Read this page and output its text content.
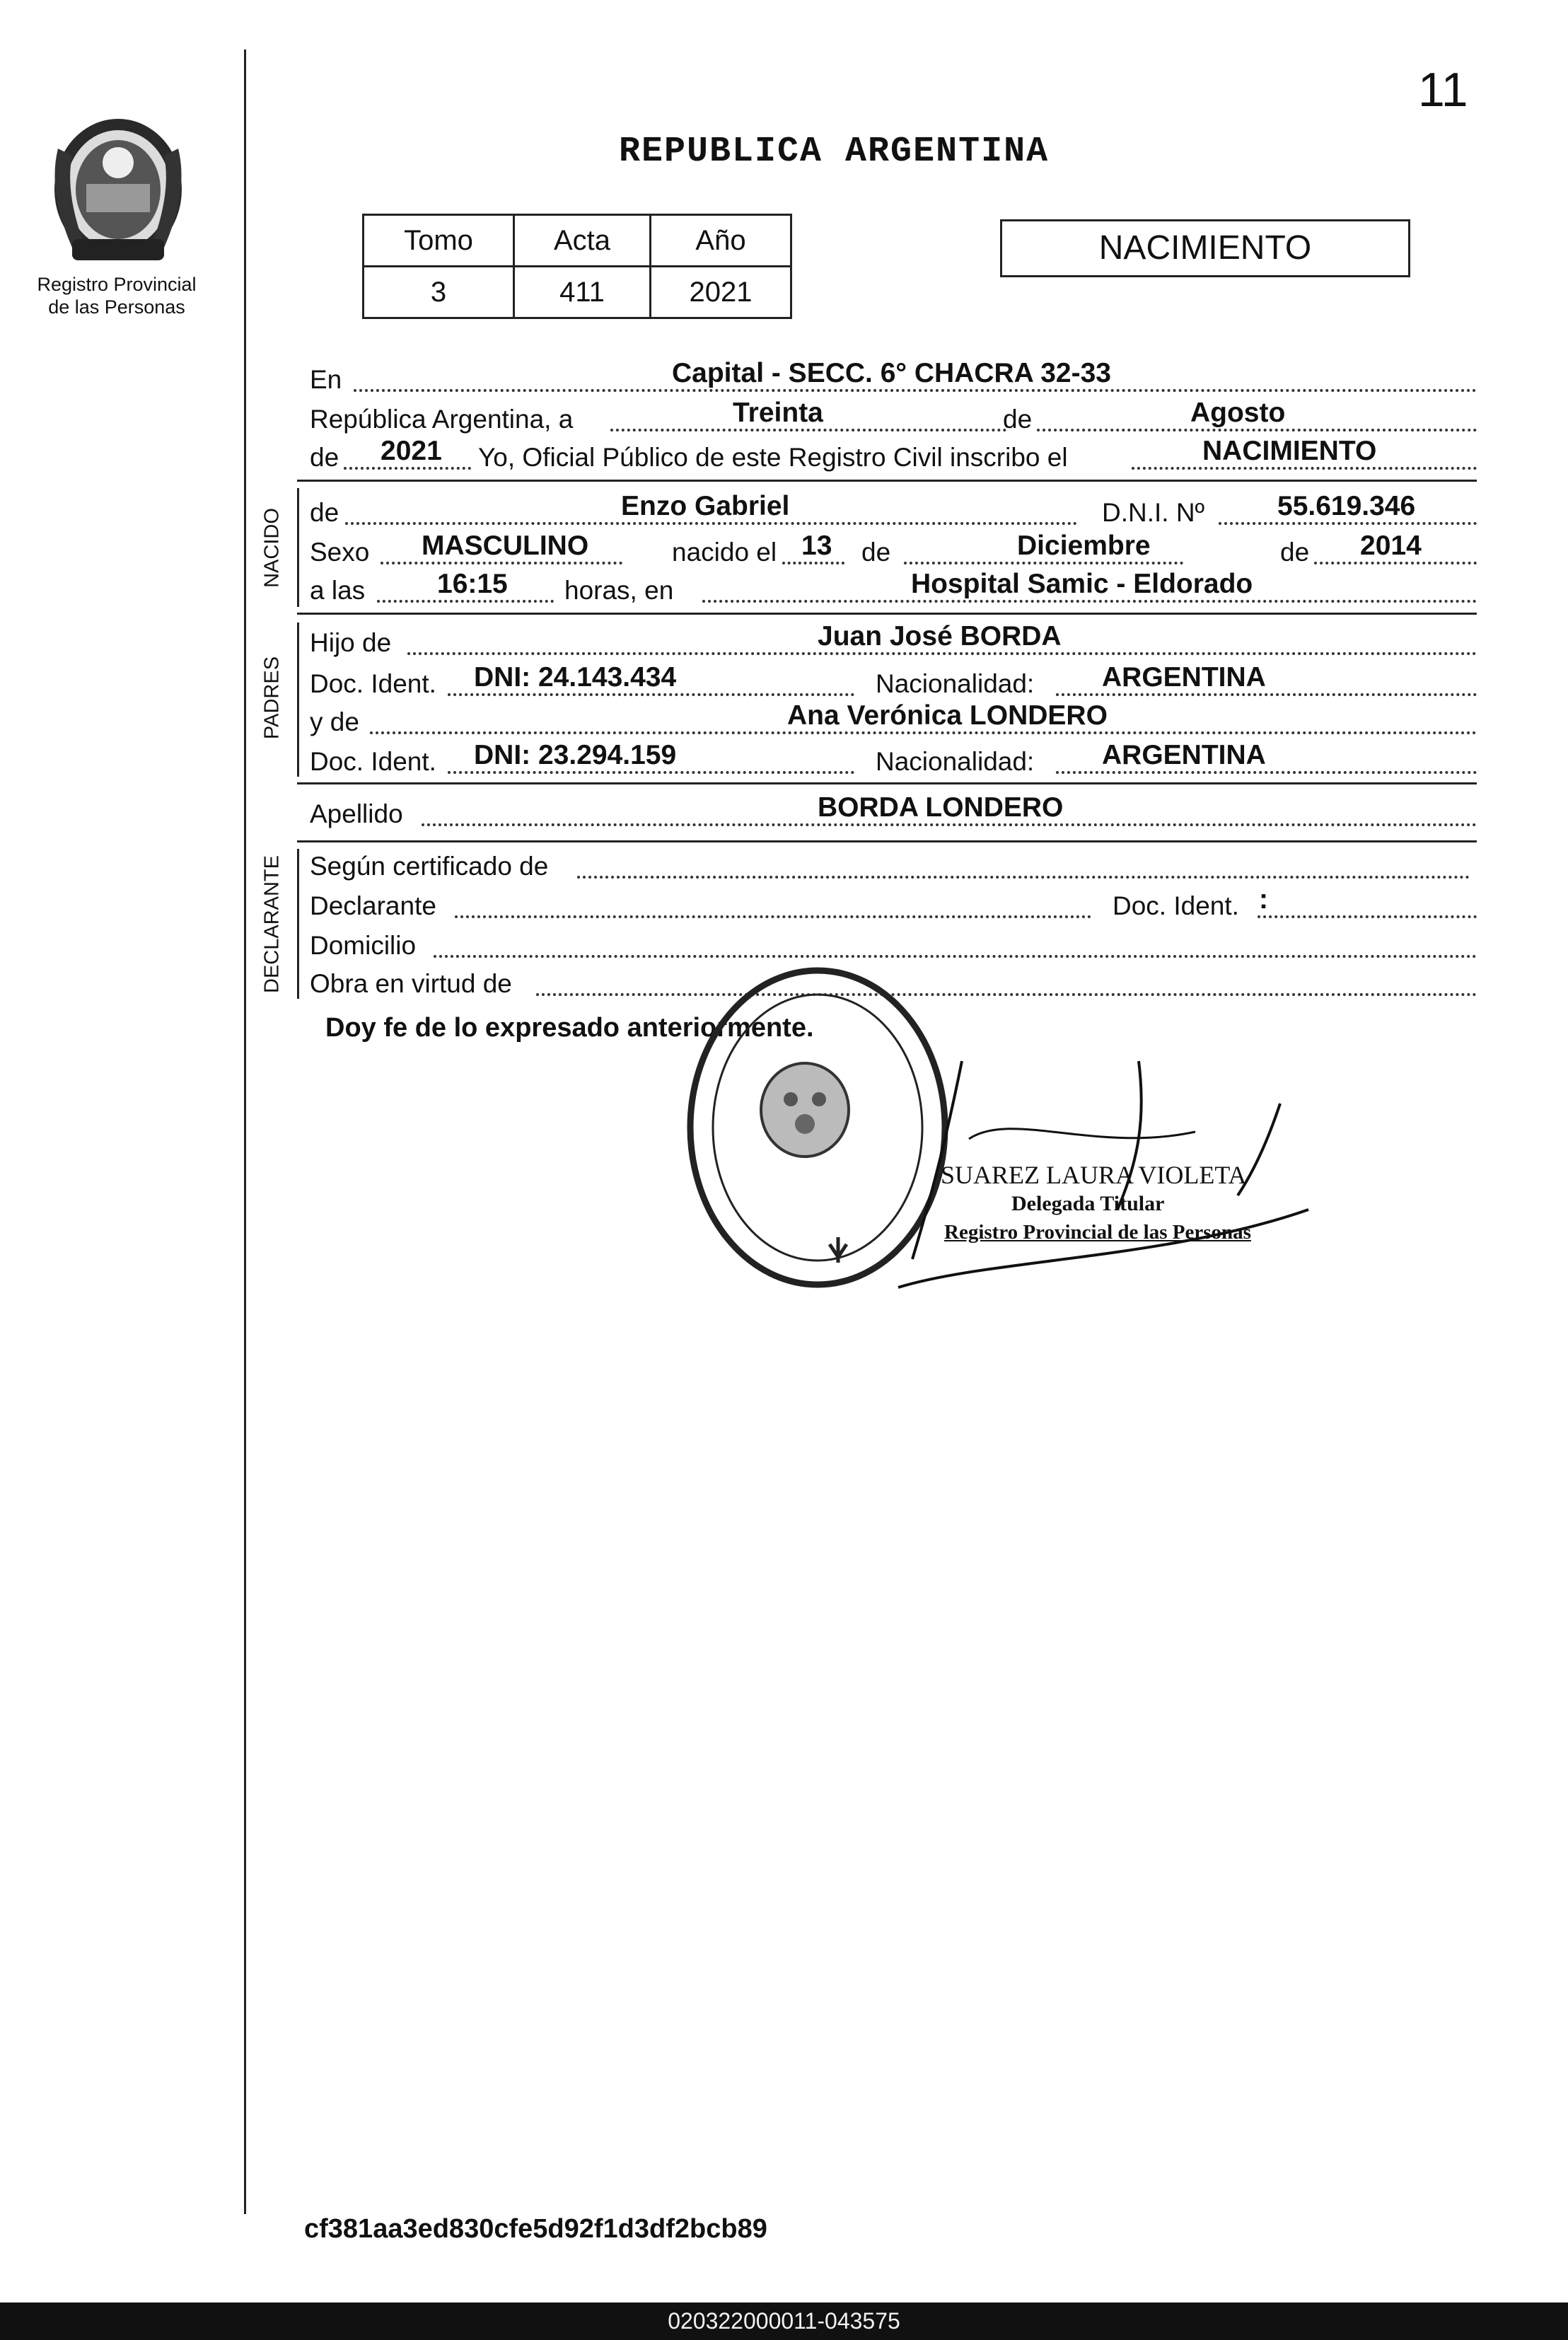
Registro Provincial
de las Personas
11
REPUBLICA ARGENTINA
Tomo	Acta	Año
3	411	2021
NACIMIENTO
En	Capital - SECC. 6° CHACRA 32-33
República Argentina, a	Treinta	de	Agosto
de 2021 Yo, Oficial Público de este Registro Civil inscribo el	NACIMIENTO
NACIDO de	Enzo Gabriel	D.N.I. Nº	55.619.346
Sexo MASCULINO	nacido el 13 de	Diciembre	de 2014
a las	16:15 horas, en	Hospital Samic - Eldorado
PADRES
Hijo de	Juan José BORDA
Doc. Ident. DNI: 24.143.434	Nacionalidad: ARGENTINA
y de	Ana Verónica LONDERO
Doc. Ident. DNI: 23.294.159	Nacionalidad: ARGENTINA
Apellido	BORDA LONDERO
DECLARANTE Según certificado de
Declarante	Doc. Ident. :
Domicilio
Obra en virtud de
Doy fe de lo expresado anteriormente.
SUAREZ LAURA VIOLETA
Delegada Titular
Registro Provincial de las Personas
cf381aa3ed830cfe5d92f1d3df2bcb89
020322000011-043575
